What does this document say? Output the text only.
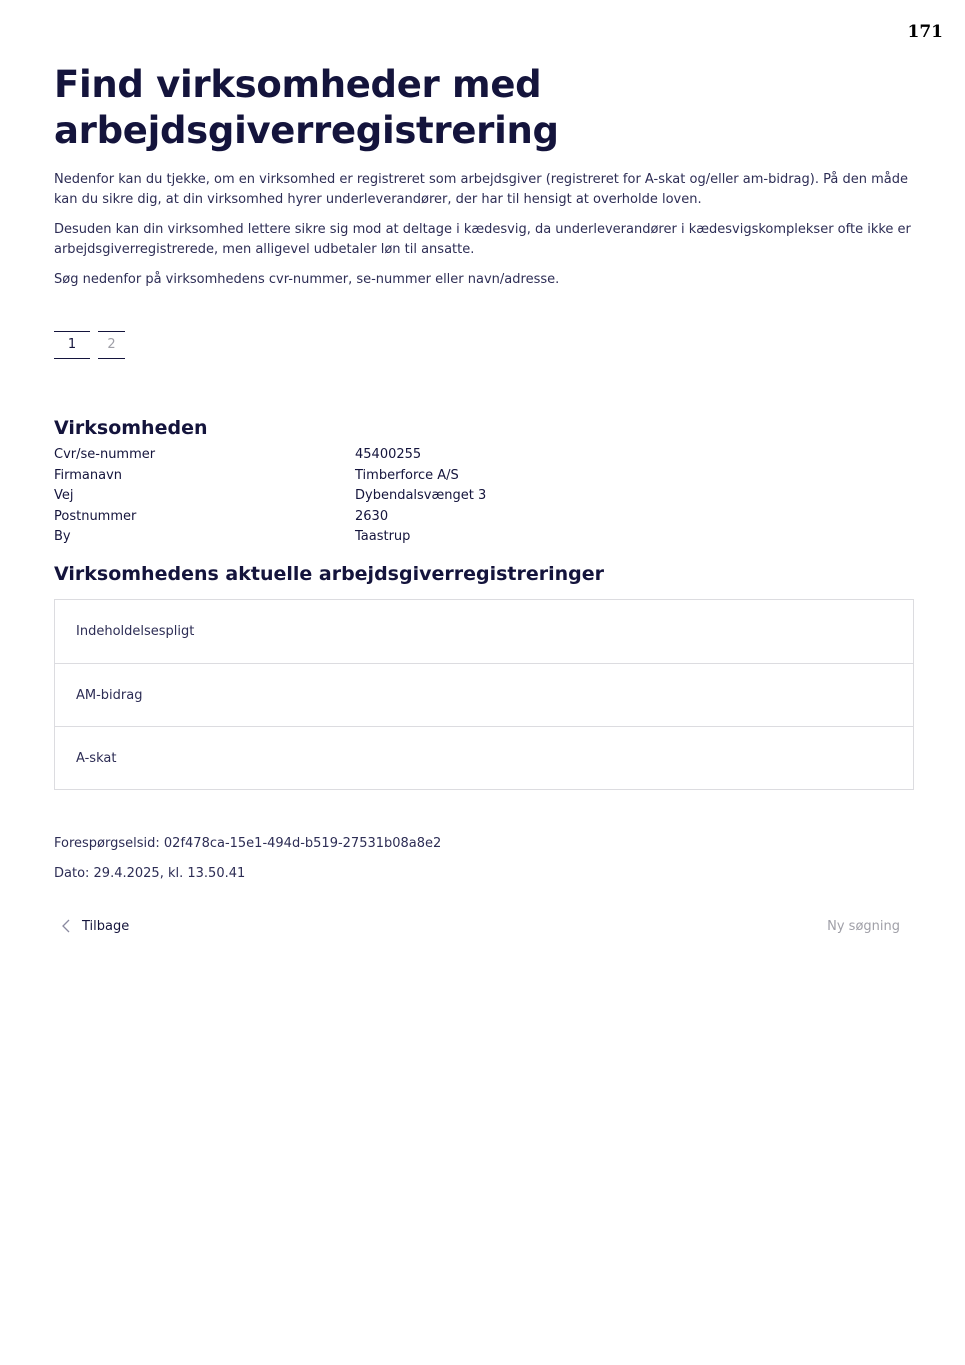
171
Find virksomheder med arbejdsgiverregistrering

Nedenfor kan du tjekke, om en virksomhed er registreret som arbejdsgiver (registreret for A-skat og/eller am-bidrag). På den måde kan du sikre dig, at din virksomhed hyrer underleverandører, der har til hensigt at overholde loven.

Desuden kan din virksomhed lettere sikre sig mod at deltage i kædesvig, da underleverandører i kædesvigskomplekser ofte ikke er arbejdsgiverregistrerede, men alligevel udbetaler løn til ansatte.

Søg nedenfor på virksomhedens cvr-nummer, se-nummer eller navn/adresse.

1	2
Virksomheden
Cvr/se-nummer	45400255
Firmanavn	Timberforce A/S
Vej	Dybendalsvænget 3
Postnummer	2630
By	Taastrup
Virksomhedens aktuelle arbejdsgiverregistreringer
Indeholdelsespligt
AM-bidrag
A-skat

Forespørgselsid: 02f478ca-15e1-494d-b519-27531b08a8e2

Dato: 29.4.2025, kl. 13.50.41

Tilbage	Ny søgning
